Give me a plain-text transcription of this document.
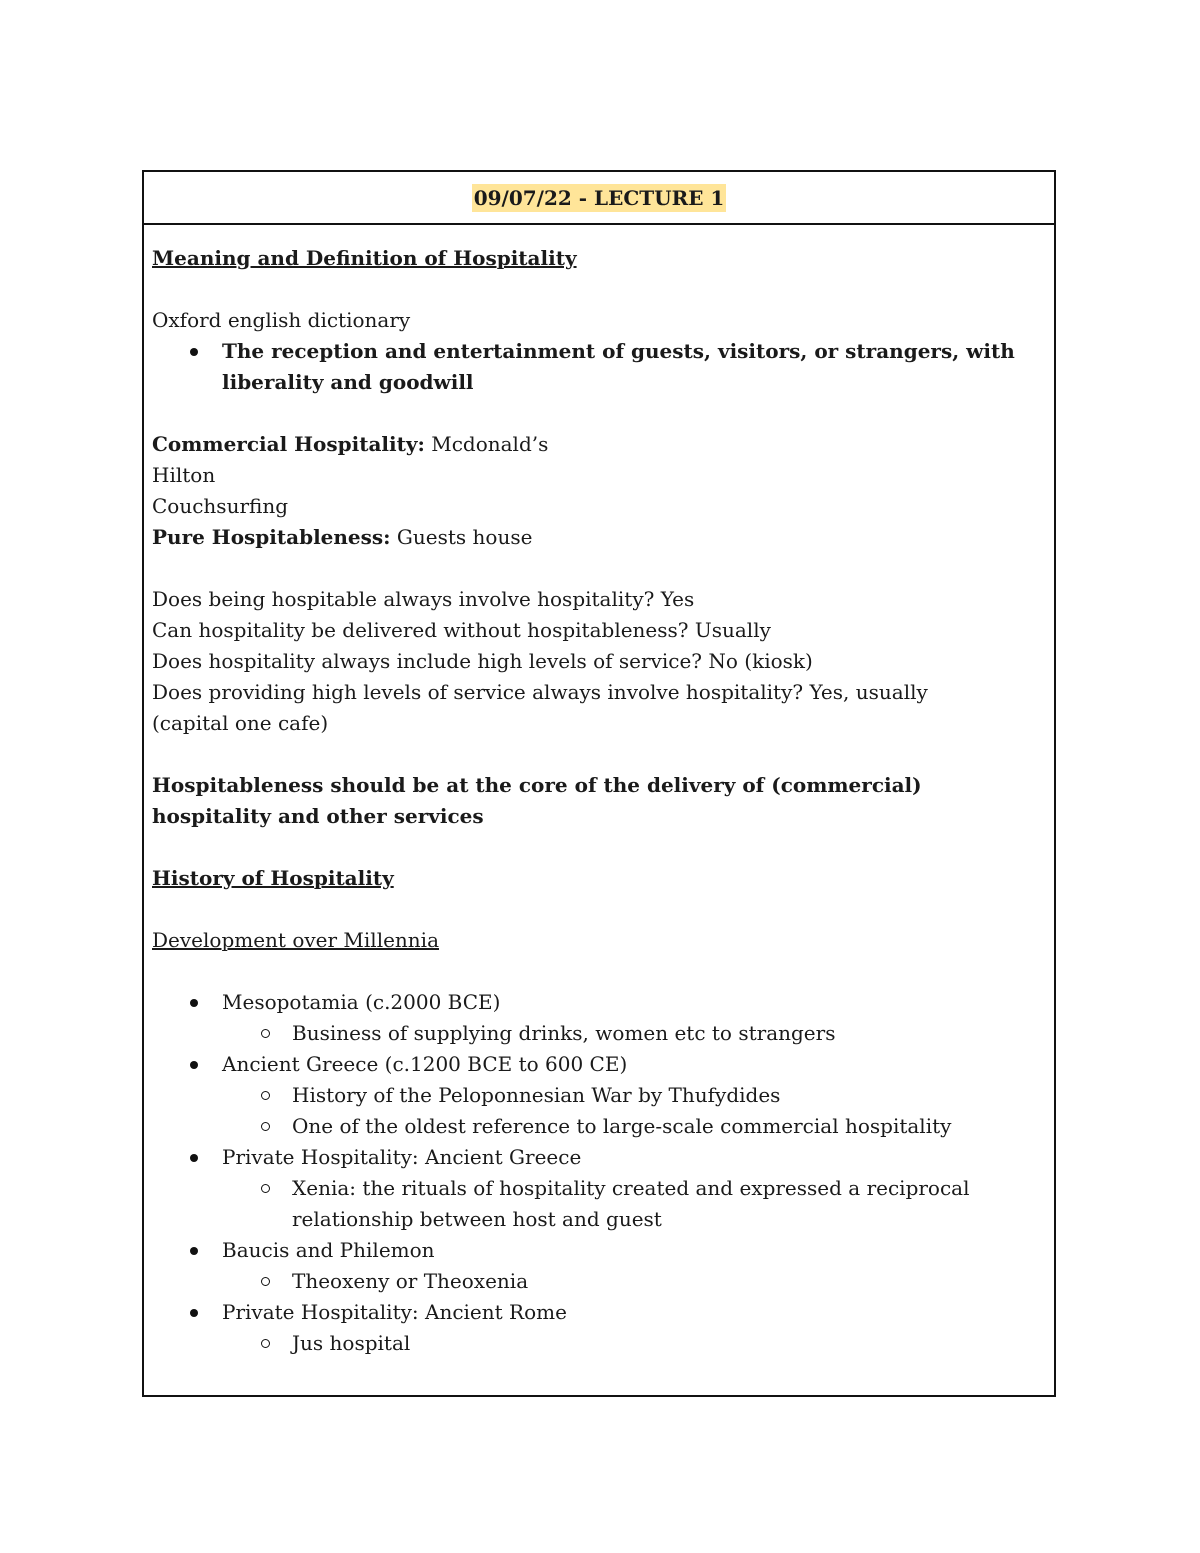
09/07/22 - LECTURE 1

Meaning and Definition of Hospitality

Oxford english dictionary

The reception and entertainment of guests, visitors, or strangers, with liberality and goodwill

Commercial Hospitality: Mcdonald’s

Hilton

Couchsurfing

Pure Hospitableness: Guests house

Does being hospitable always involve hospitality? Yes

Can hospitality be delivered without hospitableness? Usually

Does hospitality always include high levels of service? No (kiosk)

Does providing high levels of service always involve hospitality? Yes, usually (capital one cafe)

Hospitableness should be at the core of the delivery of (commercial) hospitality and other services

History of Hospitality

Development over Millennia

Mesopotamia (c.2000 BCE)
Business of supplying drinks, women etc to strangers
Ancient Greece (c.1200 BCE to 600 CE)
History of the Peloponnesian War by Thufydides
One of the oldest reference to large-scale commercial hospitality
Private Hospitality: Ancient Greece
Xenia: the rituals of hospitality created and expressed a reciprocal relationship between host and guest
Baucis and Philemon
Theoxeny or Theoxenia
Private Hospitality: Ancient Rome
Jus hospital
